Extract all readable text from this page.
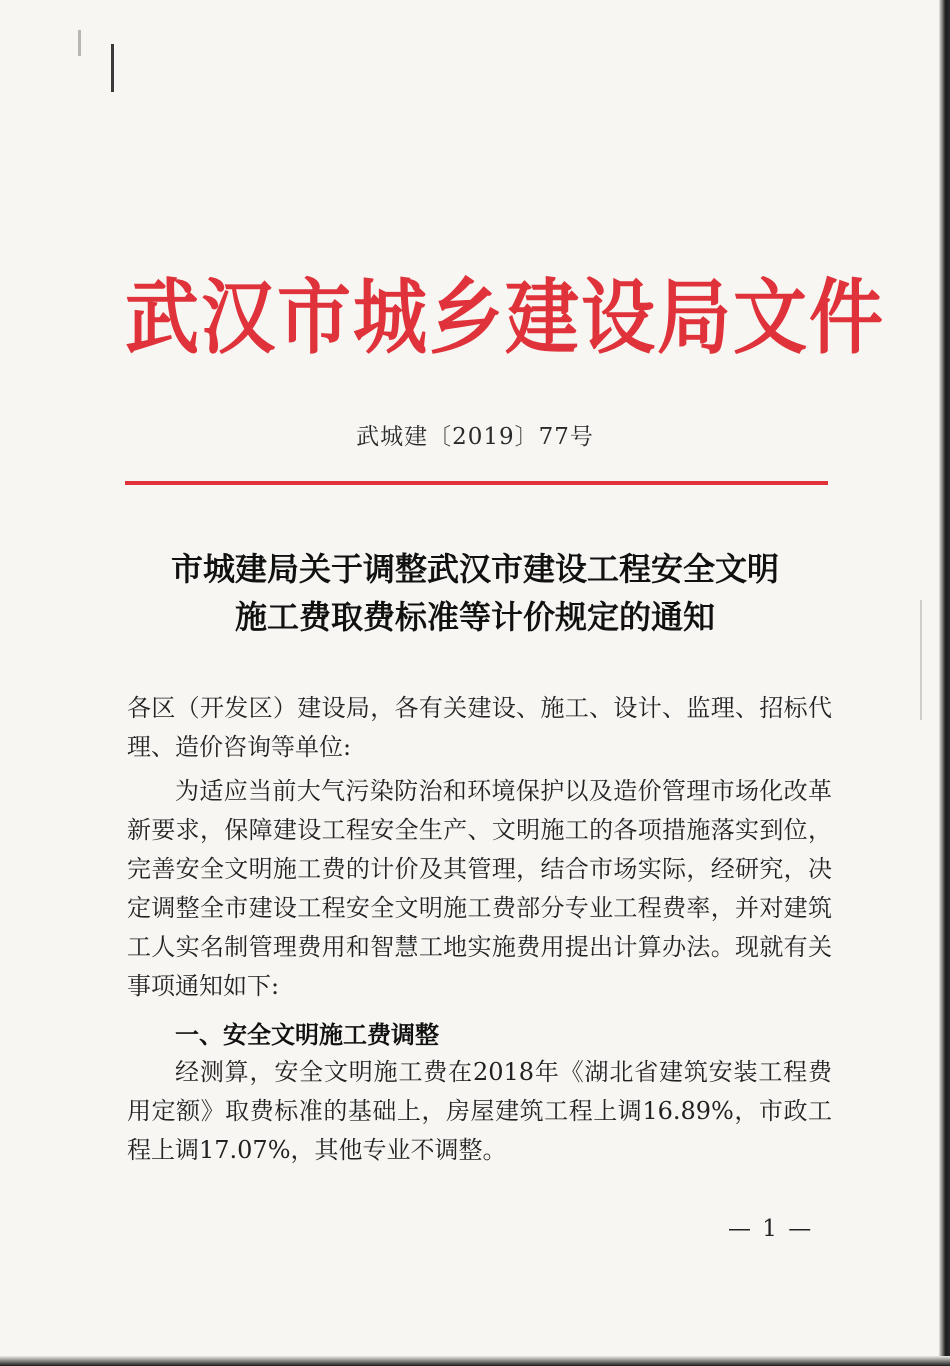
武汉市城乡建设局文件
武城建〔2019〕77号
市城建局关于调整武汉市建设工程安全文明
施工费取费标准等计价规定的通知
各区（开发区）建设局，各有关建设、施工、设计、监理、招标代理、造价咨询等单位:
为适应当前大气污染防治和环境保护以及造价管理市场化改革新要求，保障建设工程安全生产、文明施工的各项措施落实到位，完善安全文明施工费的计价及其管理，结合市场实际，经研究，决定调整全市建设工程安全文明施工费部分专业工程费率，并对建筑工人实名制管理费用和智慧工地实施费用提出计算办法。现就有关事项通知如下:
一、安全文明施工费调整
经测算，安全文明施工费在2018年《湖北省建筑安装工程费用定额》取费标准的基础上，房屋建筑工程上调16.89%，市政工程上调17.07%，其他专业不调整。
— 1 —
